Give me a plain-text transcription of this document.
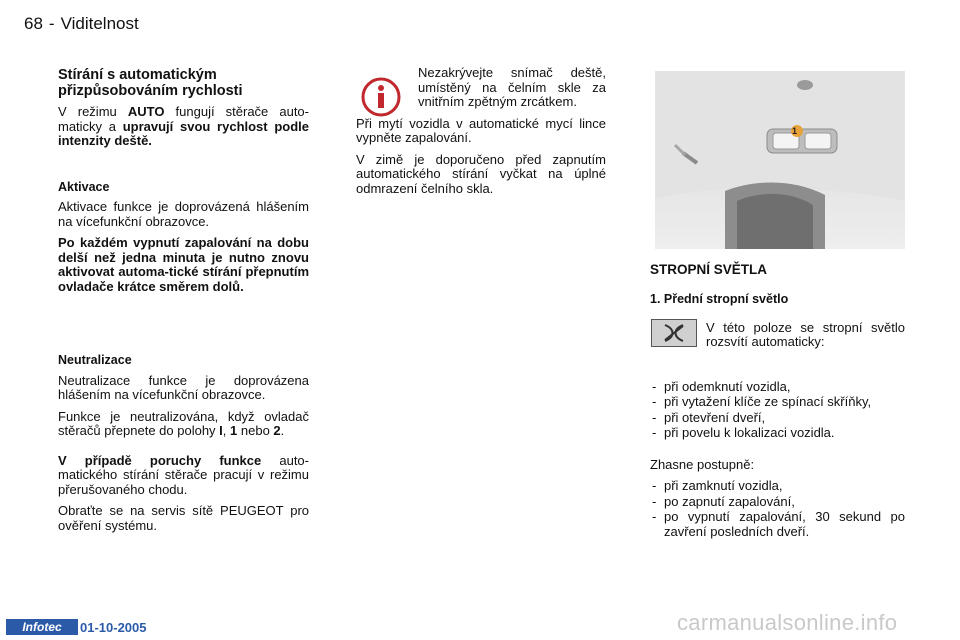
68 - Viditelnost
Stírání s automatickým přizpůsobováním rychlosti

V režimu AUTO fungují stěrače auto-maticky a upravují svou rychlost podle intenzity deště.

Aktivace

Aktivace funkce je doprovázená hlášením na vícefunkční obrazovce.

Po každém vypnutí zapalování na dobu delší než jedna minuta je nutno znovu aktivovat automa-tické stírání přepnutím ovladače krátce směrem dolů.

Neutralizace

Neutralizace funkce je doprovázena hlášením na vícefunkční obrazovce.

Funkce je neutralizována, když ovladač stěračů přepnete do polohy I, 1 nebo 2.

V případě poruchy funkce auto-matického stírání stěrače pracují v režimu přerušovaného chodu.

Obraťte se na servis sítě PEUGEOT pro ověření systému.

Nezakrývejte snímač deště, umístěný na čelním skle za vnitřním zpětným zrcátkem.

Při mytí vozidla v automatické mycí lince vypněte zapalování.

V zimě je doporučeno před zapnutím automatického stírání vyčkat na úplné odmrazení čelního skla.

1
STROPNÍ SVĚTLA
1. Přední stropní světlo

V této poloze se stropní světlo rozsvítí automaticky:

- při odemknutí vozidla,
- při vytažení klíče ze spínací skříňky,
- při otevření dveří,
- při povelu k lokalizaci vozidla.

Zhasne postupně:

- při zamknutí vozidla,
- po zapnutí zapalování,
- po vypnutí zapalování, 30 sekund po zavření posledních dveří.
Infotec	01-10-2005	carmanualsonline.info
